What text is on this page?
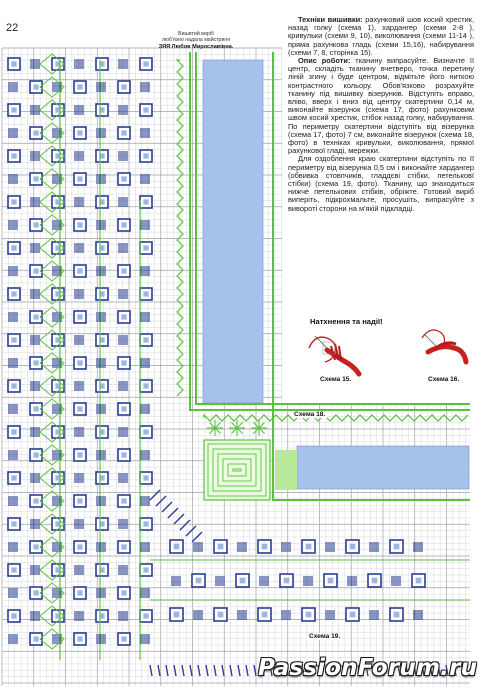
22	Вишитий виріб
люб'язно надала майстриня
ЗЯЯ Любов Мирославівна.

Техніки вишивки: рахунковий шов косий хрестик, назад голку (схема 1), хардангер (схеми 2-8 ), кривульки (схеми 9, 10), виколювання (схеми 11-14 ), пряма рахункова гладь (схеми 15,16), набирування (схеми 7, 8, сторінка 15).

Опис роботи: тканину випрасуйте. Визначте її центр, складіть тканину вчетверо, точка перетину ліній згину і буде центром, відмітьте його ниткою контрастного кольору. Обов'язково розрахуйте тканину під вишивку візерунків. Відступіть вправо, вліво, вверх і вниз від центру скатертини 0,14 м, виконайте візерунок (схема 17, фото) рахунковим швом косий хрестик, стібок назад голку, набирування. По периметру скатертини відступіть від візерунка (схема 17, фото) 7 см, виконайте візерунок (схема 18, фото) в техніках кривульки, виколювання, прямої рахункової гладі, мережки.

Для оздоблення краю скатертини відступіть по її периметру від візерунка 0,5 см і виконайте хардангер (обвивка стовпчиків, гладдєві стібки, петельковї стібки) (схема 19, фото). Тканину, що знаходиться нижче петелькових стібків, обріжте. Готовий виріб виперіть, підкрохмальте, просушіть, випрасуйте з вивороті сторони на м'якій підкладці.

Натхнення та надії!
Схема 15.	Схема 16.
Схема 18.
Схема 19.
PassionForum.ru
